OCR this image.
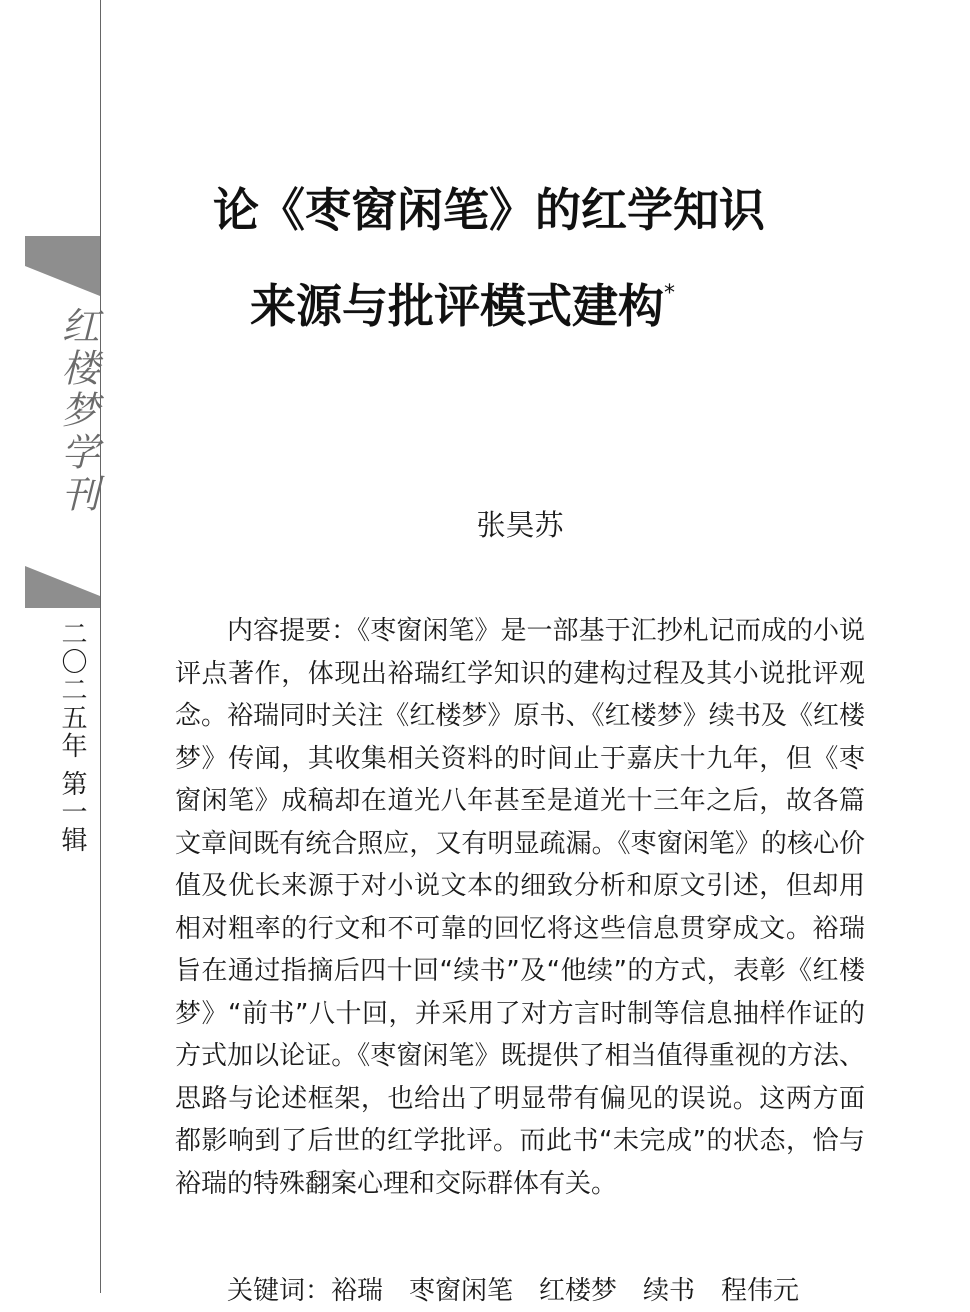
红楼梦学刊
二〇二五年 第一辑
论《枣窗闲笔》的红学知识
来源与批评模式建构*
张昊苏

内容提要：《枣窗闲笔》是一部基于汇抄札记而成的小说评点著作，体现出裕瑞红学知识的建构过程及其小说批评观念。裕瑞同时关注《红楼梦》原书、《红楼梦》续书及《红楼梦》传闻，其收集相关资料的时间止于嘉庆十九年，但《枣窗闲笔》成稿却在道光八年甚至是道光十三年之后，故各篇文章间既有统合照应，又有明显疏漏。《枣窗闲笔》的核心价值及优长来源于对小说文本的细致分析和原文引述，但却用相对粗率的行文和不可靠的回忆将这些信息贯穿成文。裕瑞旨在通过指摘后四十回“续书”及“他续”的方式，表彰《红楼梦》“前书”八十回，并采用了对方言时制等信息抽样作证的方式加以论证。《枣窗闲笔》既提供了相当值得重视的方法、思路与论述框架，也给出了明显带有偏见的误说。这两方面都影响到了后世的红学批评。而此书“未完成”的状态，恰与裕瑞的特殊翻案心理和交际群体有关。

关键词：裕瑞　枣窗闲笔　红楼梦　续书　程伟元
